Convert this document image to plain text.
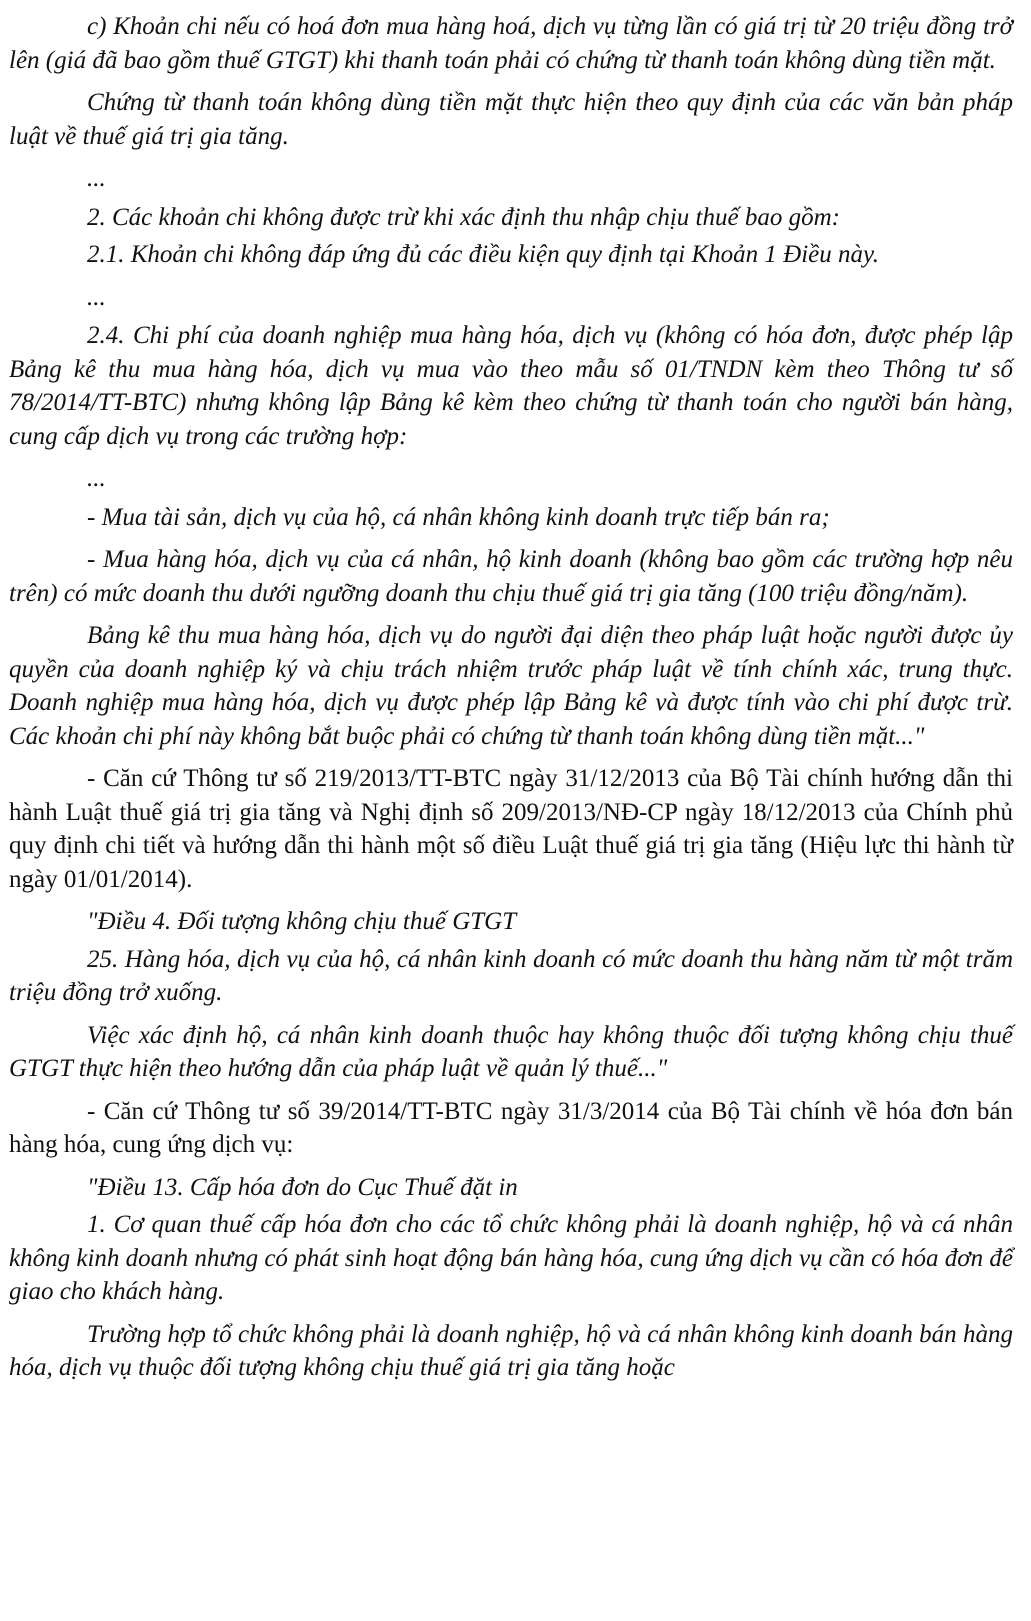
c) Khoản chi nếu có hoá đơn mua hàng hoá, dịch vụ từng lần có giá trị từ 20 triệu đồng trở lên (giá đã bao gồm thuế GTGT) khi thanh toán phải có chứng từ thanh toán không dùng tiền mặt.

Chứng từ thanh toán không dùng tiền mặt thực hiện theo quy định của các văn bản pháp luật về thuế giá trị gia tăng.

...

2. Các khoản chi không được trừ khi xác định thu nhập chịu thuế bao gồm:

2.1. Khoản chi không đáp ứng đủ các điều kiện quy định tại Khoản 1 Điều này.

...

2.4. Chi phí của doanh nghiệp mua hàng hóa, dịch vụ (không có hóa đơn, được phép lập Bảng kê thu mua hàng hóa, dịch vụ mua vào theo mẫu số 01/TNDN kèm theo Thông tư số 78/2014/TT-BTC) nhưng không lập Bảng kê kèm theo chứng từ thanh toán cho người bán hàng, cung cấp dịch vụ trong các trường hợp:

...

- Mua tài sản, dịch vụ của hộ, cá nhân không kinh doanh trực tiếp bán ra;

- Mua hàng hóa, dịch vụ của cá nhân, hộ kinh doanh (không bao gồm các trường hợp nêu trên) có mức doanh thu dưới ngưỡng doanh thu chịu thuế giá trị gia tăng (100 triệu đồng/năm).

Bảng kê thu mua hàng hóa, dịch vụ do người đại diện theo pháp luật hoặc người được ủy quyền của doanh nghiệp ký và chịu trách nhiệm trước pháp luật về tính chính xác, trung thực. Doanh nghiệp mua hàng hóa, dịch vụ được phép lập Bảng kê và được tính vào chi phí được trừ. Các khoản chi phí này không bắt buộc phải có chứng từ thanh toán không dùng tiền mặt..."

- Căn cứ Thông tư số 219/2013/TT-BTC ngày 31/12/2013 của Bộ Tài chính hướng dẫn thi hành Luật thuế giá trị gia tăng và Nghị định số 209/2013/NĐ-CP ngày 18/12/2013 của Chính phủ quy định chi tiết và hướng dẫn thi hành một số điều Luật thuế giá trị gia tăng (Hiệu lực thi hành từ ngày 01/01/2014).

"Điều 4. Đối tượng không chịu thuế GTGT

25. Hàng hóa, dịch vụ của hộ, cá nhân kinh doanh có mức doanh thu hàng năm từ một trăm triệu đồng trở xuống.

Việc xác định hộ, cá nhân kinh doanh thuộc hay không thuộc đối tượng không chịu thuế GTGT thực hiện theo hướng dẫn của pháp luật về quản lý thuế..."

- Căn cứ Thông tư số 39/2014/TT-BTC ngày 31/3/2014 của Bộ Tài chính về hóa đơn bán hàng hóa, cung ứng dịch vụ:

"Điều 13. Cấp hóa đơn do Cục Thuế đặt in

1. Cơ quan thuế cấp hóa đơn cho các tổ chức không phải là doanh nghiệp, hộ và cá nhân không kinh doanh nhưng có phát sinh hoạt động bán hàng hóa, cung ứng dịch vụ cần có hóa đơn để giao cho khách hàng.

Trường hợp tổ chức không phải là doanh nghiệp, hộ và cá nhân không kinh doanh bán hàng hóa, dịch vụ thuộc đối tượng không chịu thuế giá trị gia tăng hoặc
